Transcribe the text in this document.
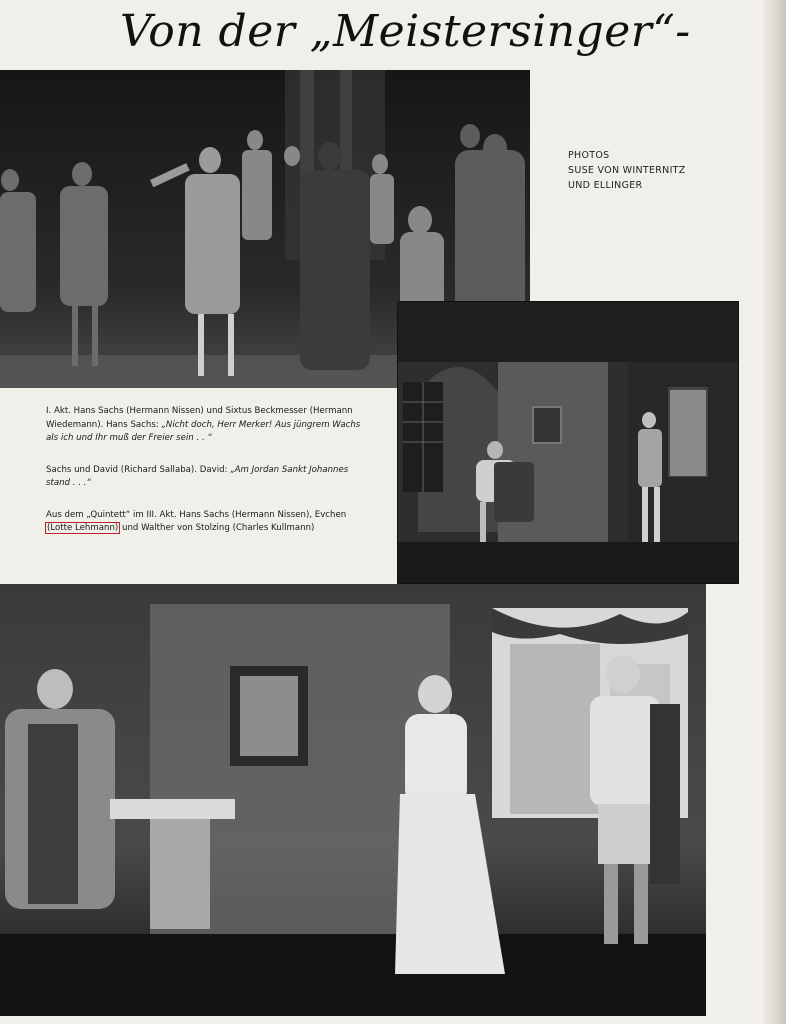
Von der „Meistersinger“-
PHOTOS
SUSE VON WINTERNITZ
UND ELLINGER

I. Akt. Hans Sachs (Hermann Nissen) und Sixtus Beckmesser (Hermann Wiedemann). Hans Sachs: „Nicht doch, Herr Merker! Aus jüngrem Wachs als ich und Ihr muß der Freier sein . . “

Sachs und David (Richard Sallaba). David: „Am Jordan Sankt Johannes stand . . .“

Aus dem „Quintett“ im III. Akt. Hans Sachs (Hermann Nissen), Evchen (Lotte Lehmann) und Walther von Stolzing (Charles Kullmann)
